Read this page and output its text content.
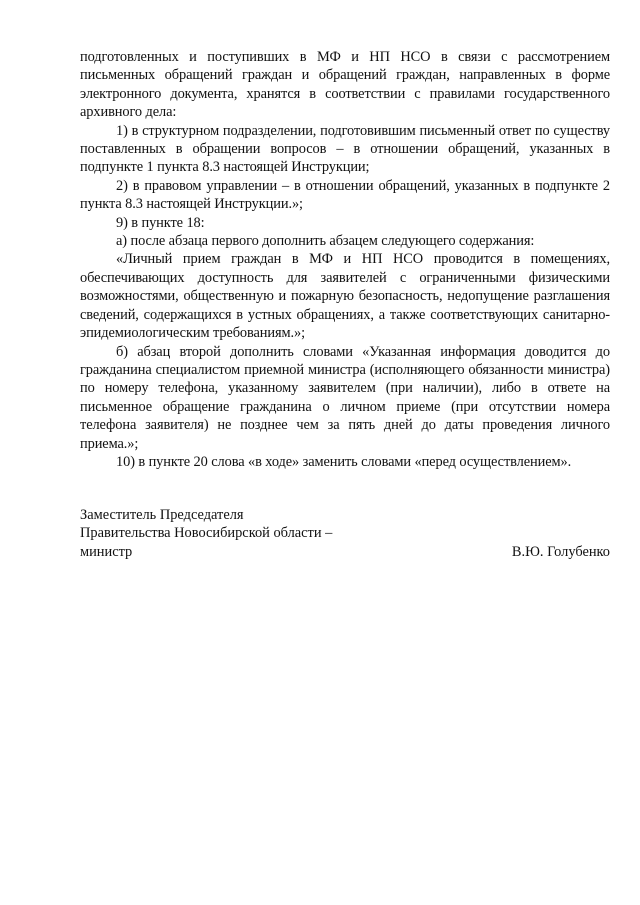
подготовленных и поступивших в МФ и НП НСО в связи с рассмотрением письменных обращений граждан и обращений граждан, направленных в форме электронного документа, хранятся в соответствии с правилами государственного архивного дела:

1) в структурном подразделении, подготовившим письменный ответ по существу поставленных в обращении вопросов – в отношении обращений, указанных в подпункте 1 пункта 8.3 настоящей Инструкции;

2) в правовом управлении – в отношении обращений, указанных в подпункте 2 пункта 8.3 настоящей Инструкции.»;

9) в пункте 18:

а) после абзаца первого дополнить абзацем следующего содержания:

«Личный прием граждан в МФ и НП НСО проводится в помещениях, обеспечивающих доступность для заявителей с ограниченными физическими возможностями, общественную и пожарную безопасность, недопущение разглашения сведений, содержащихся в устных обращениях, а также соответствующих санитарно-эпидемиологическим требованиям.»;

б) абзац второй дополнить словами «Указанная информация доводится до гражданина специалистом приемной министра (исполняющего обязанности министра) по номеру телефона, указанному заявителем (при наличии), либо в ответе на письменное обращение гражданина о личном приеме (при отсутствии номера телефона заявителя) не позднее чем за пять дней до даты проведения личного приема.»;

10) в пункте 20 слова «в ходе» заменить словами «перед осуществлением».

Заместитель Председателя

Правительства Новосибирской области –

министр	В.Ю. Голубенко
